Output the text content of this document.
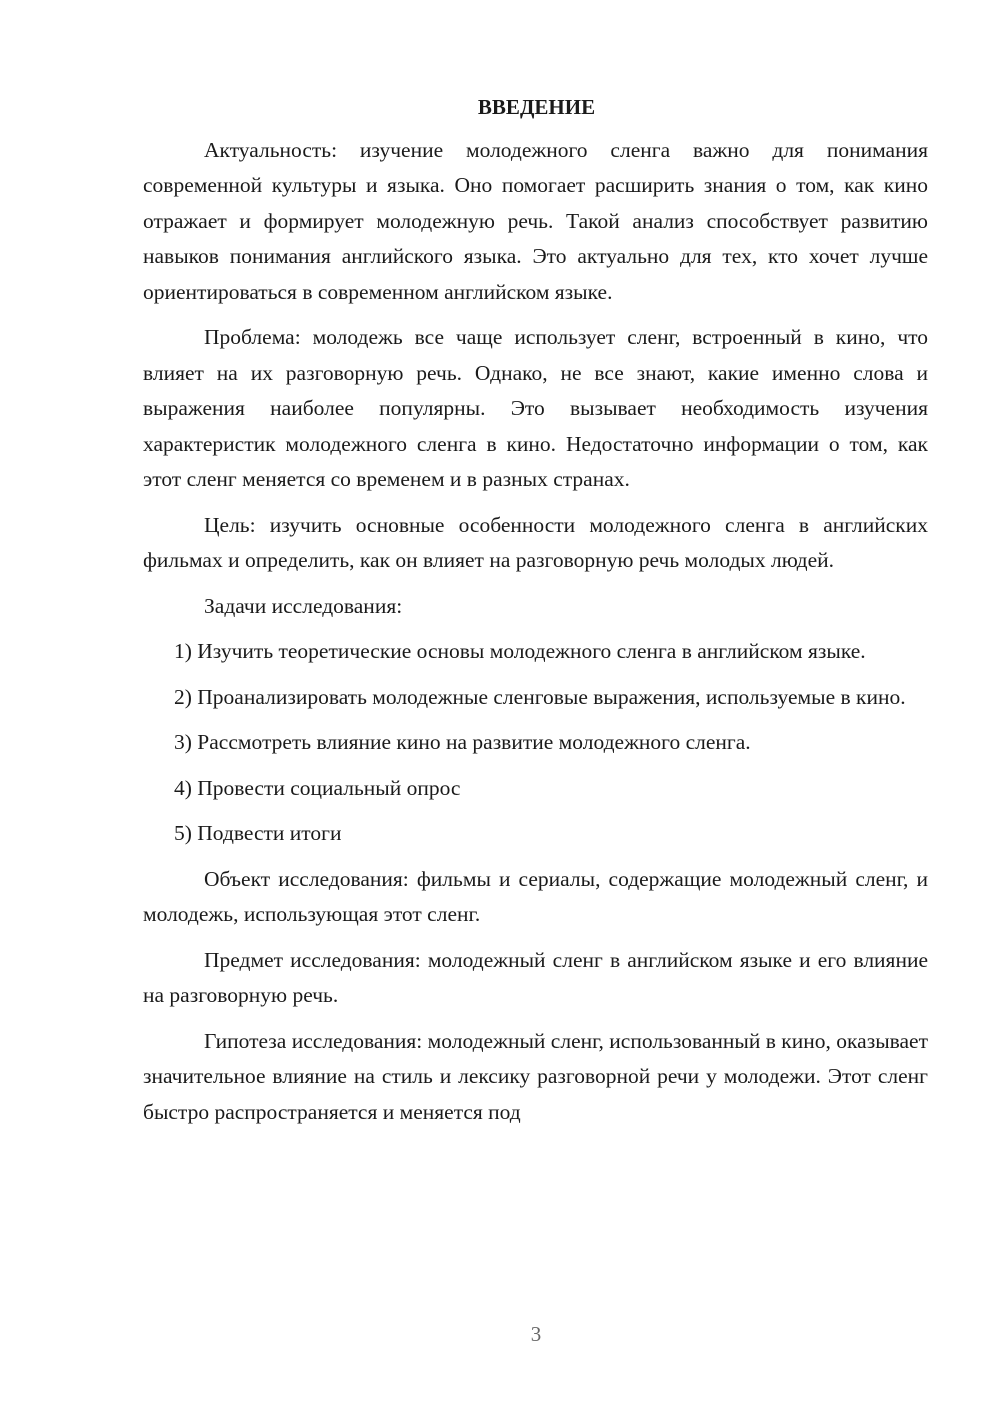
ВВЕДЕНИЕ

Актуальность: изучение молодежного сленга важно для понимания современной культуры и языка. Оно помогает расширить знания о том, как кино отражает и формирует молодежную речь. Такой анализ способствует развитию навыков понимания английского языка. Это актуально для тех, кто хочет лучше ориентироваться в современном английском языке.

Проблема: молодежь все чаще использует сленг, встроенный в кино, что влияет на их разговорную речь. Однако, не все знают, какие именно слова и выражения наиболее популярны. Это вызывает необходимость изучения характеристик молодежного сленга в кино. Недостаточно информации о том, как этот сленг меняется со временем и в разных странах.

Цель: изучить основные особенности молодежного сленга в английских фильмах и определить, как он влияет на разговорную речь молодых людей.

Задачи исследования:

1) Изучить теоретические основы молодежного сленга в английском языке.

2) Проанализировать молодежные сленговые выражения, используемые в кино.

3) Рассмотреть влияние кино на развитие молодежного сленга.

4) Провести социальный опрос

5) Подвести итоги

Объект исследования: фильмы и сериалы, содержащие молодежный сленг, и молодежь, использующая этот сленг.

Предмет исследования: молодежный сленг в английском языке и его влияние на разговорную речь.

Гипотеза исследования: молодежный сленг, использованный в кино, оказывает значительное влияние на стиль и лексику разговорной речи у молодежи. Этот сленг быстро распространяется и меняется под

3
